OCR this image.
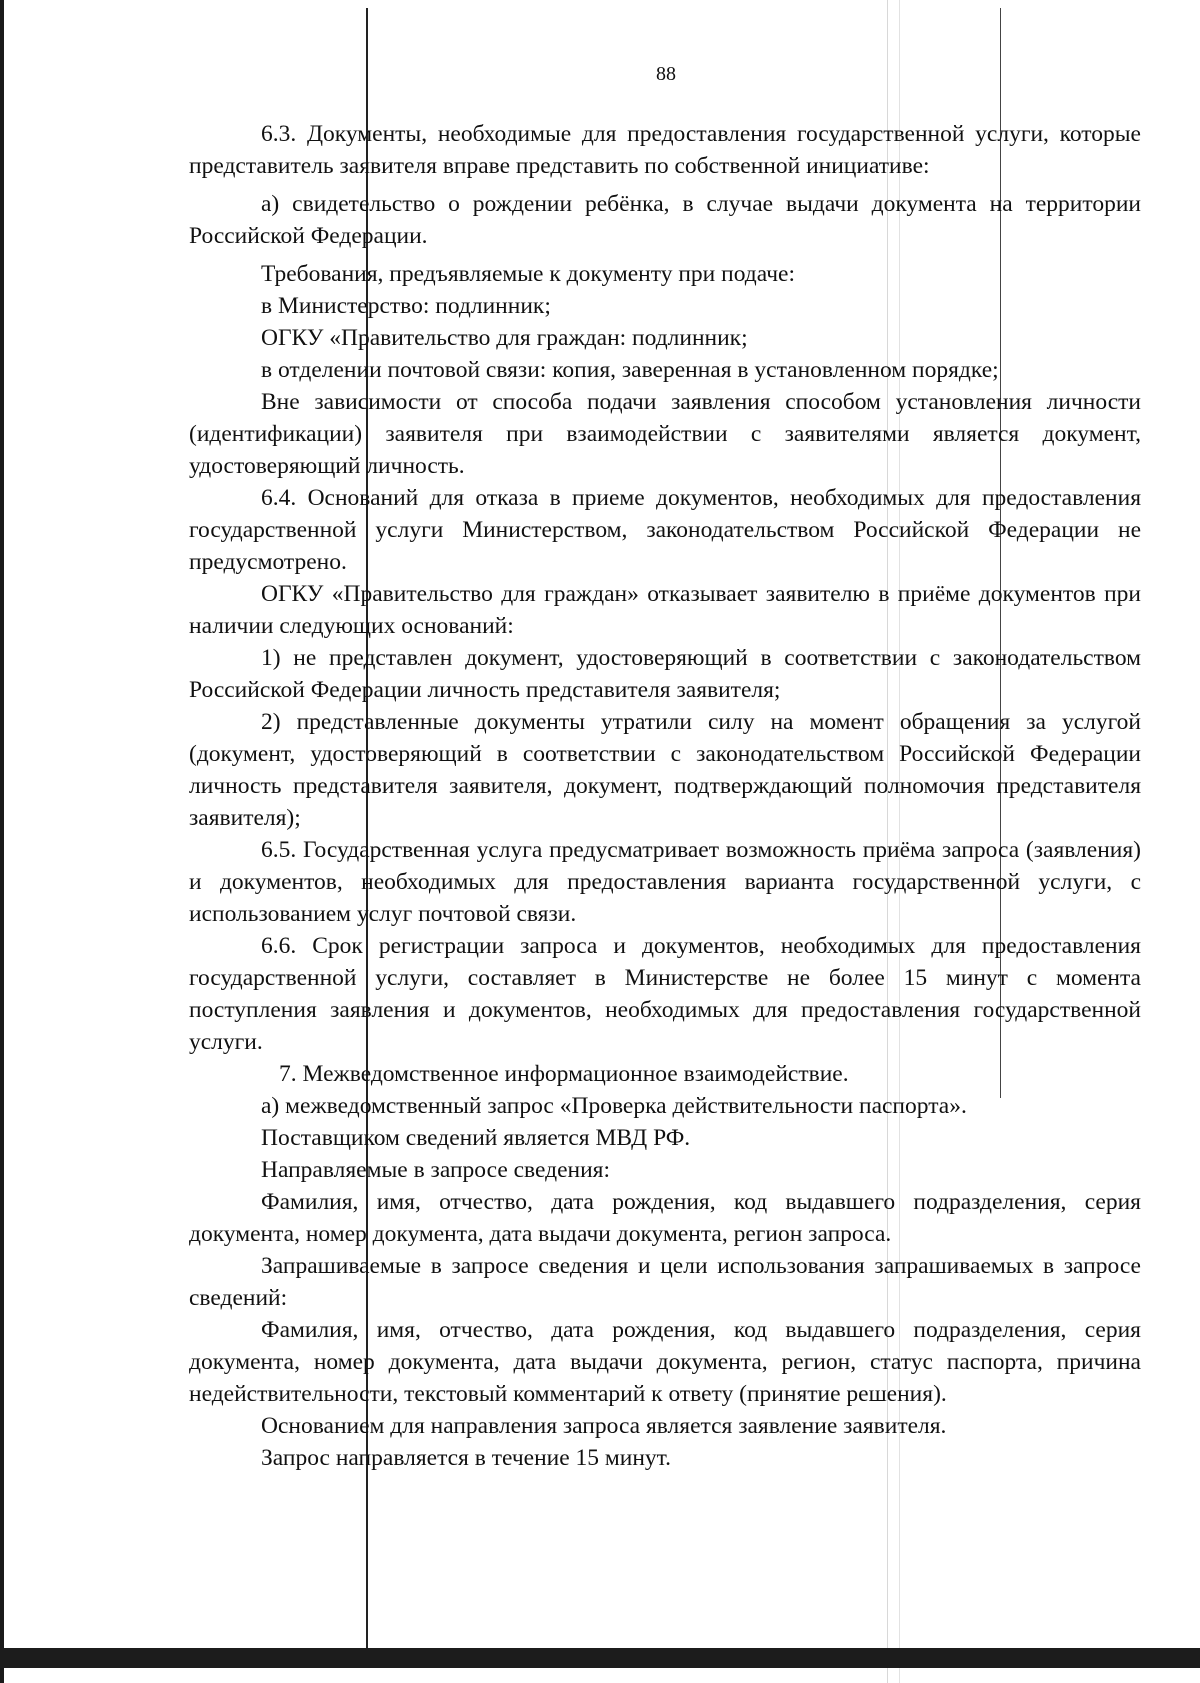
88

6.3. Документы, необходимые для предоставления государственной услуги, которые представитель заявителя вправе представить по собственной инициативе:

а) свидетельство о рождении ребёнка, в случае выдачи документа на территории Российской Федерации.

Требования, предъявляемые к документу при подаче:

в Министерство: подлинник;

ОГКУ «Правительство для граждан: подлинник;

в отделении почтовой связи: копия, заверенная в установленном порядке;

Вне зависимости от способа подачи заявления способом установления личности (идентификации) заявителя при взаимодействии с заявителями является документ, удостоверяющий личность.

6.4. Оснований для отказа в приеме документов, необходимых для предоставления государственной услуги Министерством, законодательством Российской Федерации не предусмотрено.

ОГКУ «Правительство для граждан» отказывает заявителю в приёме документов при наличии следующих оснований:

1) не представлен документ, удостоверяющий в соответствии с законодательством Российской Федерации личность представителя заявителя;

2) представленные документы утратили силу на момент обращения за услугой (документ, удостоверяющий в соответствии с законодательством Российской Федерации личность представителя заявителя, документ, подтверждающий полномочия представителя заявителя);

6.5. Государственная услуга предусматривает возможность приёма запроса (заявления) и документов, необходимых для предоставления варианта государственной услуги, с использованием услуг почтовой связи.

6.6. Срок регистрации запроса и документов, необходимых для предоставления государственной услуги, составляет в Министерстве не более 15 минут с момента поступления заявления и документов, необходимых для предоставления государственной услуги.

7. Межведомственное информационное взаимодействие.

а) межведомственный запрос «Проверка действительности паспорта».

Поставщиком сведений является МВД РФ.

Направляемые в запросе сведения:

Фамилия, имя, отчество, дата рождения, код выдавшего подразделения, серия документа, номер документа, дата выдачи документа, регион запроса.

Запрашиваемые в запросе сведения и цели использования запрашиваемых в запросе сведений:

Фамилия, имя, отчество, дата рождения, код выдавшего подразделения, серия документа, номер документа, дата выдачи документа, регион, статус паспорта, причина недействительности, текстовый комментарий к ответу (принятие решения).

Основанием для направления запроса является заявление заявителя.

Запрос направляется в течение 15 минут.
